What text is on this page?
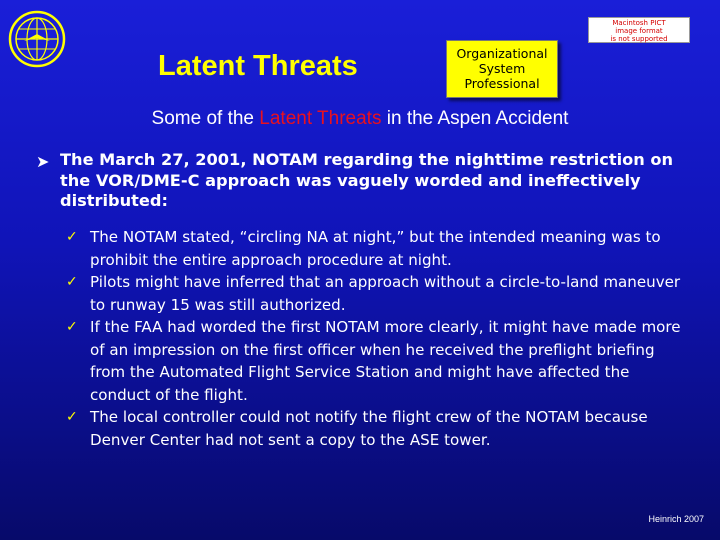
Macintosh PICT
image format
is not supported
Latent Threats	Organizational
System
Professional
Some of the Latent Threats in the Aspen Accident
➤ The March 27, 2001, NOTAM regarding the nighttime restriction on the VOR/DME-C approach was vaguely worded and ineffectively distributed:
✓ The NOTAM stated, “circling NA at night,” but the intended meaning was to prohibit the entire approach procedure at night.
✓ Pilots might have inferred that an approach without a circle-to-land maneuver to runway 15 was still authorized.
✓ If the FAA had worded the first NOTAM more clearly, it might have made more of an impression on the first officer when he received the preflight briefing from the Automated Flight Service Station and might have affected the conduct of the flight.
✓ The local controller could not notify the flight crew of the NOTAM because Denver Center had not sent a copy to the ASE tower.
Heinrich 2007
